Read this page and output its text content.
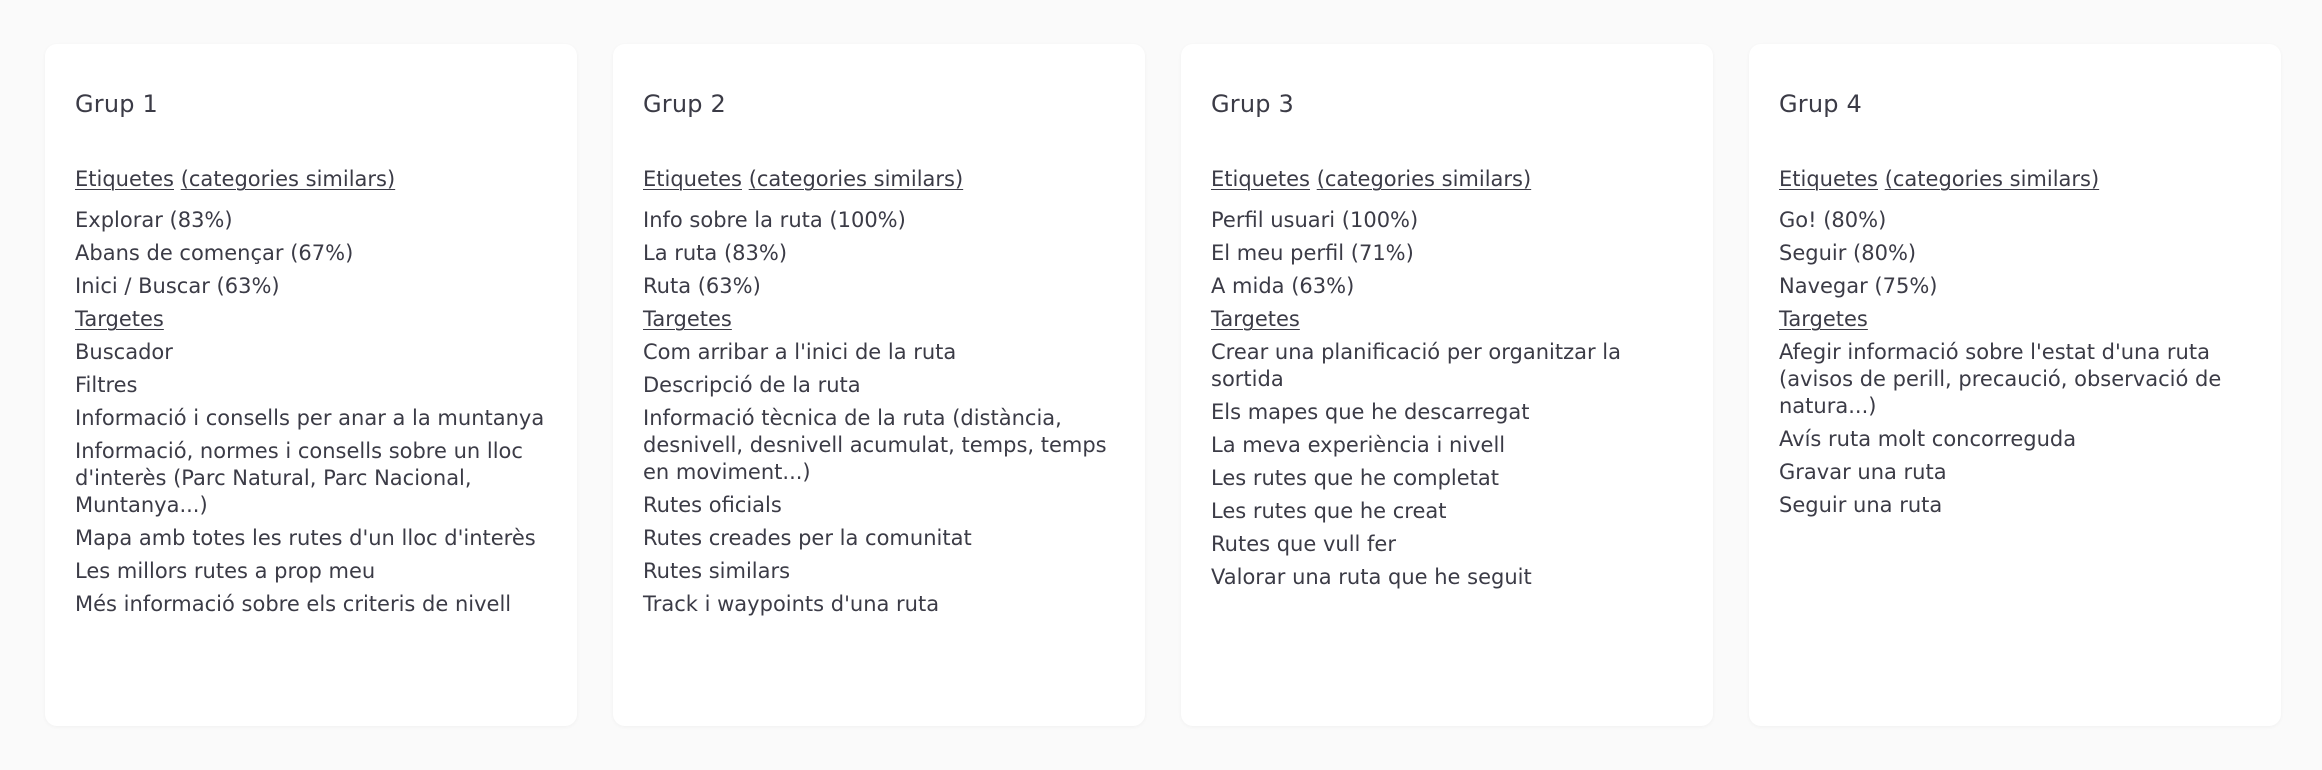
Grup 1
Etiquetes (categories similars)
Explorar (83%)
Abans de començar (67%)
Inici / Buscar (63%)
Targetes
Buscador
Filtres
Informació i consells per anar a la muntanya
Informació, normes i consells sobre un lloc d'interès (Parc Natural, Parc Nacional, Muntanya...)
Mapa amb totes les rutes d'un lloc d'interès
Les millors rutes a prop meu
Més informació sobre els criteris de nivell
Grup 2
Etiquetes (categories similars)
Info sobre la ruta (100%)
La ruta (83%)
Ruta (63%)
Targetes
Com arribar a l'inici de la ruta
Descripció de la ruta
Informació tècnica de la ruta (distància, desnivell, desnivell acumulat, temps, temps en moviment...)
Rutes oficials
Rutes creades per la comunitat
Rutes similars
Track i waypoints d'una ruta
Grup 3
Etiquetes (categories similars)
Perfil usuari (100%)
El meu perfil (71%)
A mida (63%)
Targetes
Crear una planificació per organitzar la sortida
Els mapes que he descarregat
La meva experiència i nivell
Les rutes que he completat
Les rutes que he creat
Rutes que vull fer
Valorar una ruta que he seguit
Grup 4
Etiquetes (categories similars)
Go! (80%)
Seguir (80%)
Navegar (75%)
Targetes
Afegir informació sobre l'estat d'una ruta (avisos de perill, precaució, observació de natura...)
Avís ruta molt concorreguda
Gravar una ruta
Seguir una ruta
